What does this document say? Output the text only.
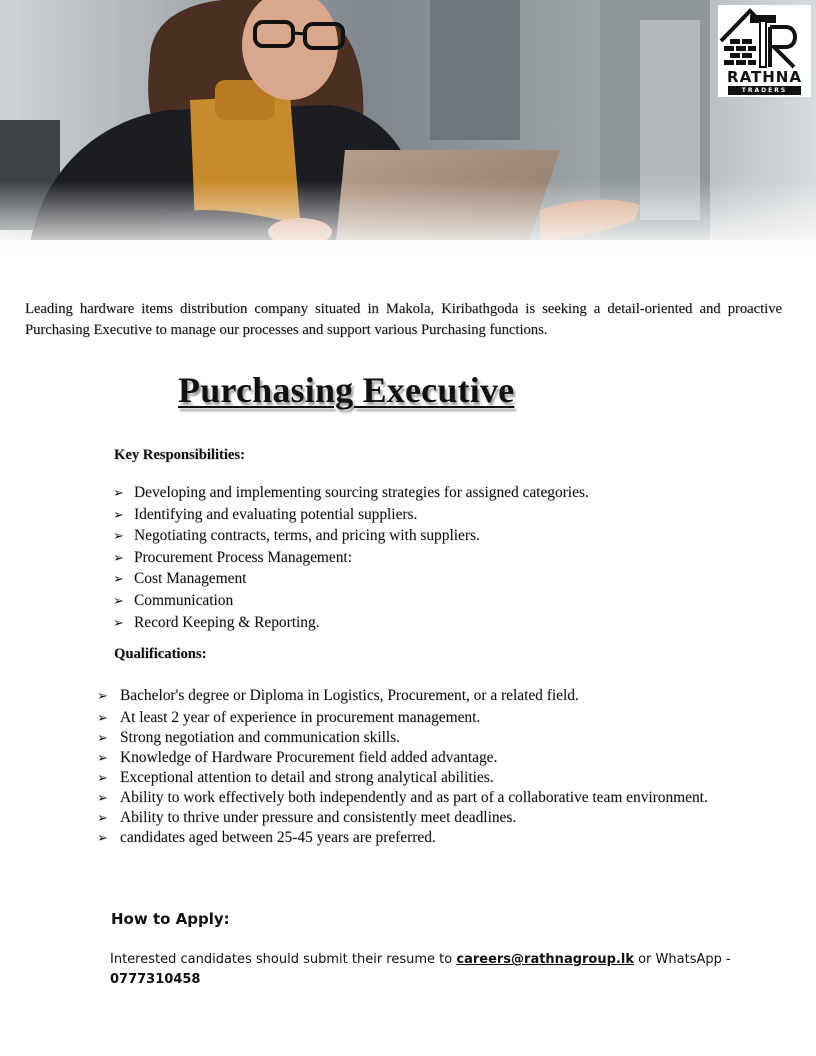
RATHNA
TRADERS

Leading hardware items distribution company situated in Makola, Kiribathgoda is seeking a detail-oriented and proactive Purchasing Executive to manage our processes and support various Purchasing functions.

Purchasing Executive
Key Responsibilities:
➢ Developing and implementing sourcing strategies for assigned categories.
➢ Identifying and evaluating potential suppliers.
➢ Negotiating contracts, terms, and pricing with suppliers.
➢ Procurement Process Management:
➢ Cost Management
➢ Communication
➢ Record Keeping & Reporting.
Qualifications:
➢ Bachelor's degree or Diploma in Logistics, Procurement, or a related field.
➢ At least 2 year of experience in procurement management.
➢ Strong negotiation and communication skills.
➢ Knowledge of Hardware Procurement field added advantage.
➢ Exceptional attention to detail and strong analytical abilities.
➢ Ability to work effectively both independently and as part of a collaborative team environment.
➢ Ability to thrive under pressure and consistently meet deadlines.
➢ candidates aged between 25-45 years are preferred.
How to Apply:

Interested candidates should submit their resume to careers@rathnagroup.lk or WhatsApp - 0777310458
